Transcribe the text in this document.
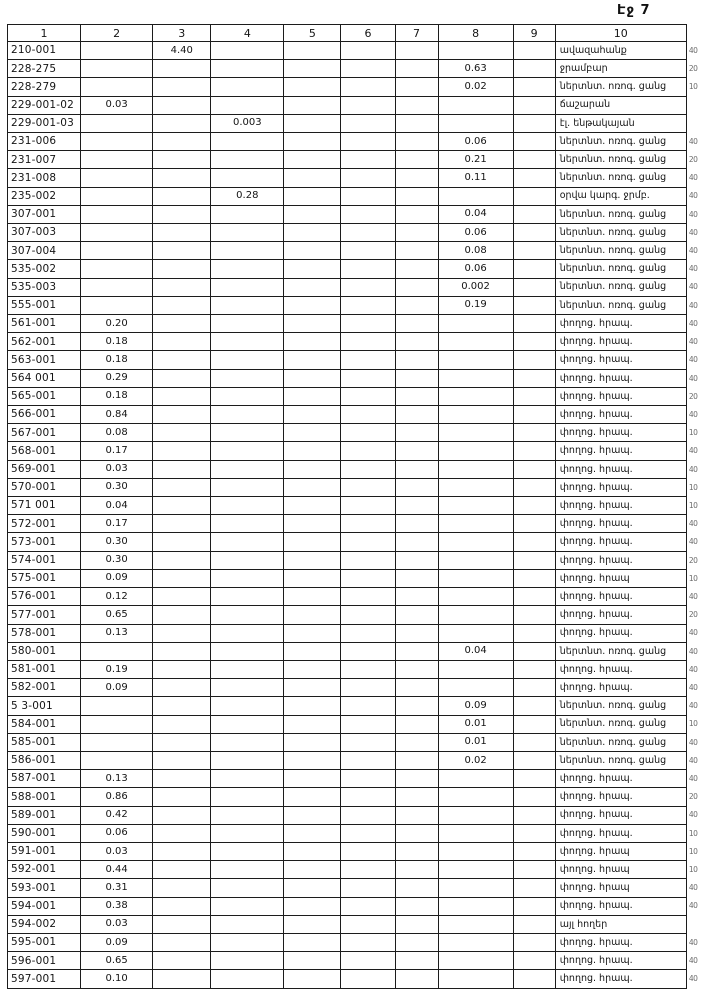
Էջ 7
1	2	3	4	5	6	7	8	9	10	
210-001		4.40							ավազահանք	40
228-275							0.63		ջրամբար	20
228-279							0.02		ներտնտ. ոռոգ. ցանց	10
229-001-02	0.03								ճաշարան	
229-001-03			0.003						էլ. ենթակայան	
231-006							0.06		ներտնտ. ոռոգ. ցանց	40
231-007							0.21		ներտնտ. ոռոգ. ցանց	20
231-008							0.11		ներտնտ. ոռոգ. ցանց	40
235-002			0.28						օրվա կարգ. ջրմբ.	40
307-001							0.04		ներտնտ. ոռոգ. ցանց	40
307-003							0.06		ներտնտ. ոռոգ. ցանց	40
307-004							0.08		ներտնտ. ոռոգ. ցանց	40
535-002							0.06		ներտնտ. ոռոգ. ցանց	40
535-003							0.002		ներտնտ. ոռոգ. ցանց	40
555-001							0.19		ներտնտ. ոռոգ. ցանց	40
561-001	0.20								փողոց. հրապ.	40
562-001	0.18								փողոց. հրապ.	40
563-001	0.18								փողոց. հրապ.	40
564 001	0.29								փողոց. հրապ.	40
565-001	0.18								փողոց. հրապ.	20
566-001	0.84								փողոց. հրապ.	40
567-001	0.08								փողոց. հրապ.	10
568-001	0.17								փողոց. հրապ.	40
569-001	0.03								փողոց. հրապ.	40
570-001	0.30								փողոց. հրապ.	10
571 001	0.04								փողոց. հրապ.	10
572-001	0.17								փողոց. հրապ.	40
573-001	0.30								փողոց. հրապ.	40
574-001	0.30								փողոց. հրապ.	20
575-001	0.09								փողոց. հրապ	10
576-001	0.12								փողոց. հրապ.	40
577-001	0.65								փողոց. հրապ.	20
578-001	0.13								փողոց. հրապ.	40
580-001							0.04		ներտնտ. ոռոգ. ցանց	40
581-001	0.19								փողոց. հրապ.	40
582-001	0.09								փողոց. հրապ.	40
5 3-001							0.09		ներտնտ. ոռոգ. ցանց	40
584-001							0.01		ներտնտ. ոռոգ. ցանց	10
585-001							0.01		ներտնտ. ոռոգ. ցանց	40
586-001							0.02		ներտնտ. ոռոգ. ցանց	40
587-001	0.13								փողոց. հրապ.	40
588-001	0.86								փողոց. հրապ.	20
589-001	0.42								փողոց. հրապ.	40
590-001	0.06								փողոց. հրապ.	10
591-001	0.03								փողոց. հրապ	10
592-001	0.44								փողոց. հրապ	10
593-001	0.31								փողոց. հրապ	40
594-001	0.38								փողոց. հրապ.	40
594-002	0.03								այլ հողեր	
595-001	0.09								փողոց. հրապ.	40
596-001	0.65								փողոց. հրապ.	40
597-001	0.10								փողոց. հրապ.	40
